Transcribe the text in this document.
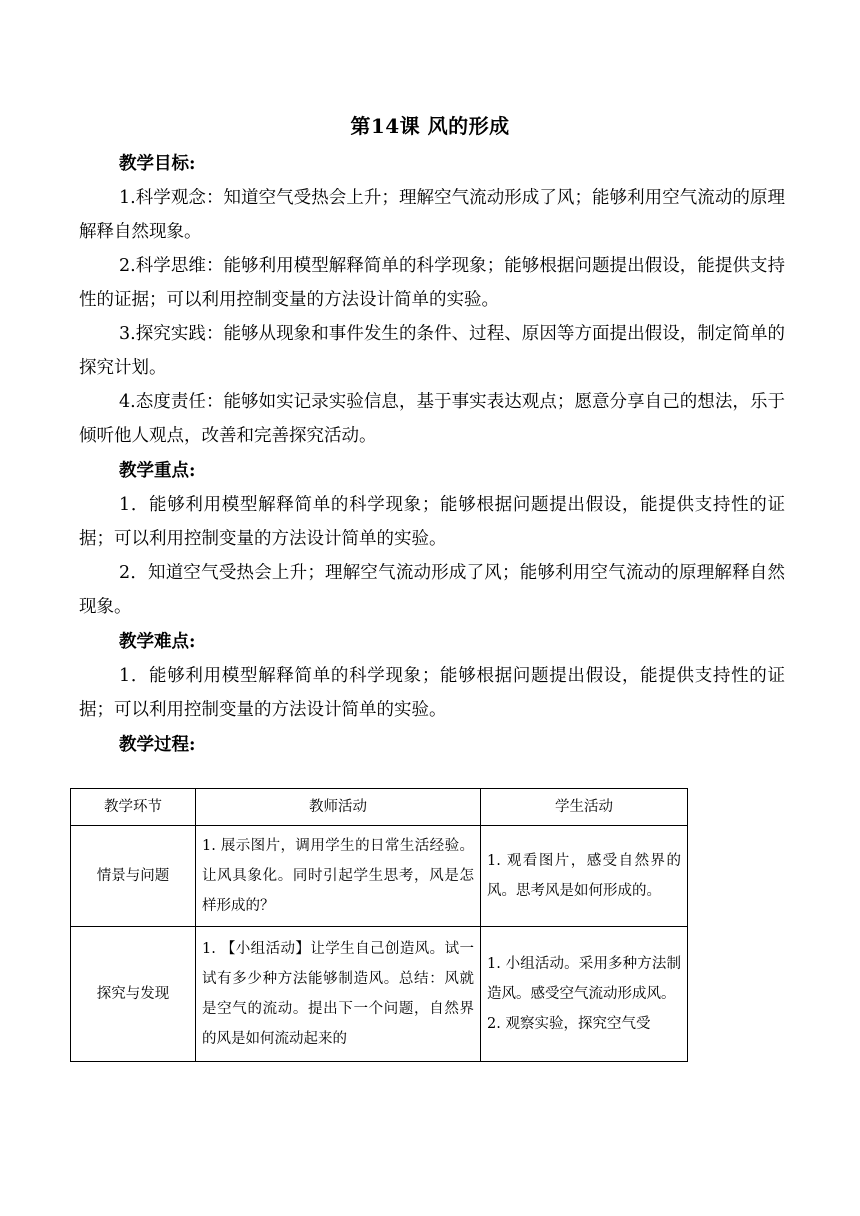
第14课 风的形成

教学目标:

1.科学观念：知道空气受热会上升；理解空气流动形成了风；能够利用空气流动的原理解释自然现象。

2.科学思维：能够利用模型解释简单的科学现象；能够根据问题提出假设，能提供支持性的证据；可以利用控制变量的方法设计简单的实验。

3.探究实践：能够从现象和事件发生的条件、过程、原因等方面提出假设，制定简单的探究计划。

4.态度责任：能够如实记录实验信息，基于事实表达观点；愿意分享自己的想法，乐于倾听他人观点，改善和完善探究活动。

教学重点:

1．能够利用模型解释简单的科学现象；能够根据问题提出假设，能提供支持性的证据；可以利用控制变量的方法设计简单的实验。

2．知道空气受热会上升；理解空气流动形成了风；能够利用空气流动的原理解释自然现象。

教学难点:

1．能够利用模型解释简单的科学现象；能够根据问题提出假设，能提供支持性的证据；可以利用控制变量的方法设计简单的实验。

教学过程:

教学环节	教师活动	学生活动
情景与问题	1. 展示图片，调用学生的日常生活经验。让风具象化。同时引起学生思考，风是怎样形成的？	1. 观看图片，感受自然界的风。思考风是如何形成的。

探究与发现	1. 【小组活动】让学生自己创造风。试一试有多少种方法能够制造风。总结：风就是空气的流动。提出下一个问题，自然界的风是如何流动起来的	1. 小组活动。采用多种方法制造风。感受空气流动形成风。
2. 观察实验，探究空气受
